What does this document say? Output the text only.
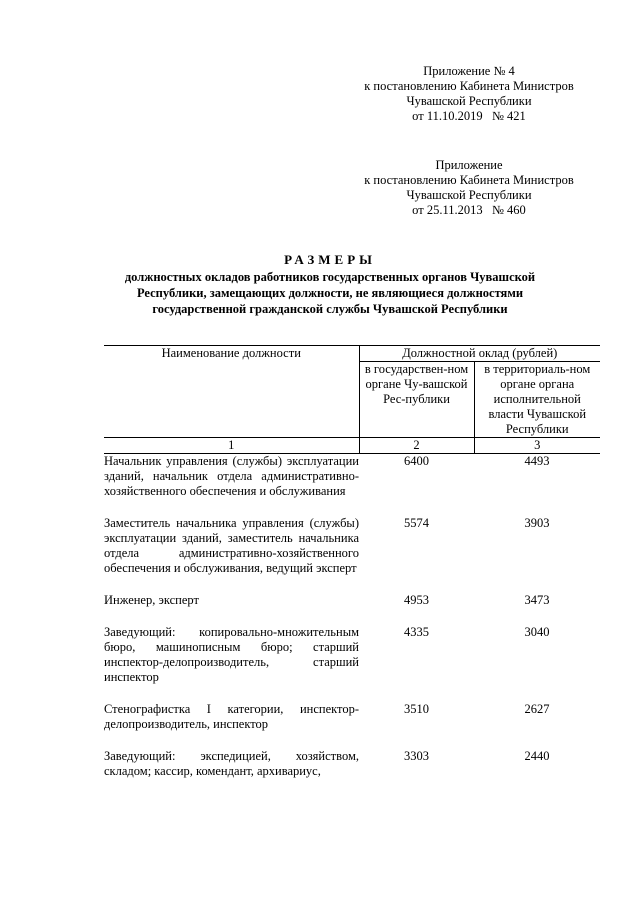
Приложение № 4
к постановлению Кабинета Министров
Чувашской Республики
от 11.10.2019   № 421
Приложение
к постановлению Кабинета Министров
Чувашской Республики
от 25.11.2013   № 460
РАЗМЕРЫ
должностных окладов работников государственных органов Чувашской
Республики, замещающих должности, не являющиеся должностями
государственной гражданской службы Чувашской Республики
Наименование должности	Должностной оклад (рублей)	
	в государствен-ном органе Чу-вашской Рес-публики	в территориаль-ном органе органа исполнительной власти Чувашской Республики
1	2	3
Начальник управления (службы) эксплуатации зданий, начальник отдела административно-хозяйственного обеспечения и обслуживания	6400	4493

Заместитель начальника управления (службы) эксплуатации зданий, заместитель начальника отдела административно-хозяйственного обеспечения и обслуживания, ведущий эксперт	5574	3903

Инженер, эксперт	4953	3473

Заведующий: копировально-множительным бюро, машинописным бюро; старший инспектор-делопроизводитель, старший инспектор	4335	3040

Стенографистка I категории, инспектор-делопроизводитель, инспектор	3510	2627

Заведующий: экспедицией, хозяйством, складом; кассир, комендант, архивариус,	3303	2440
